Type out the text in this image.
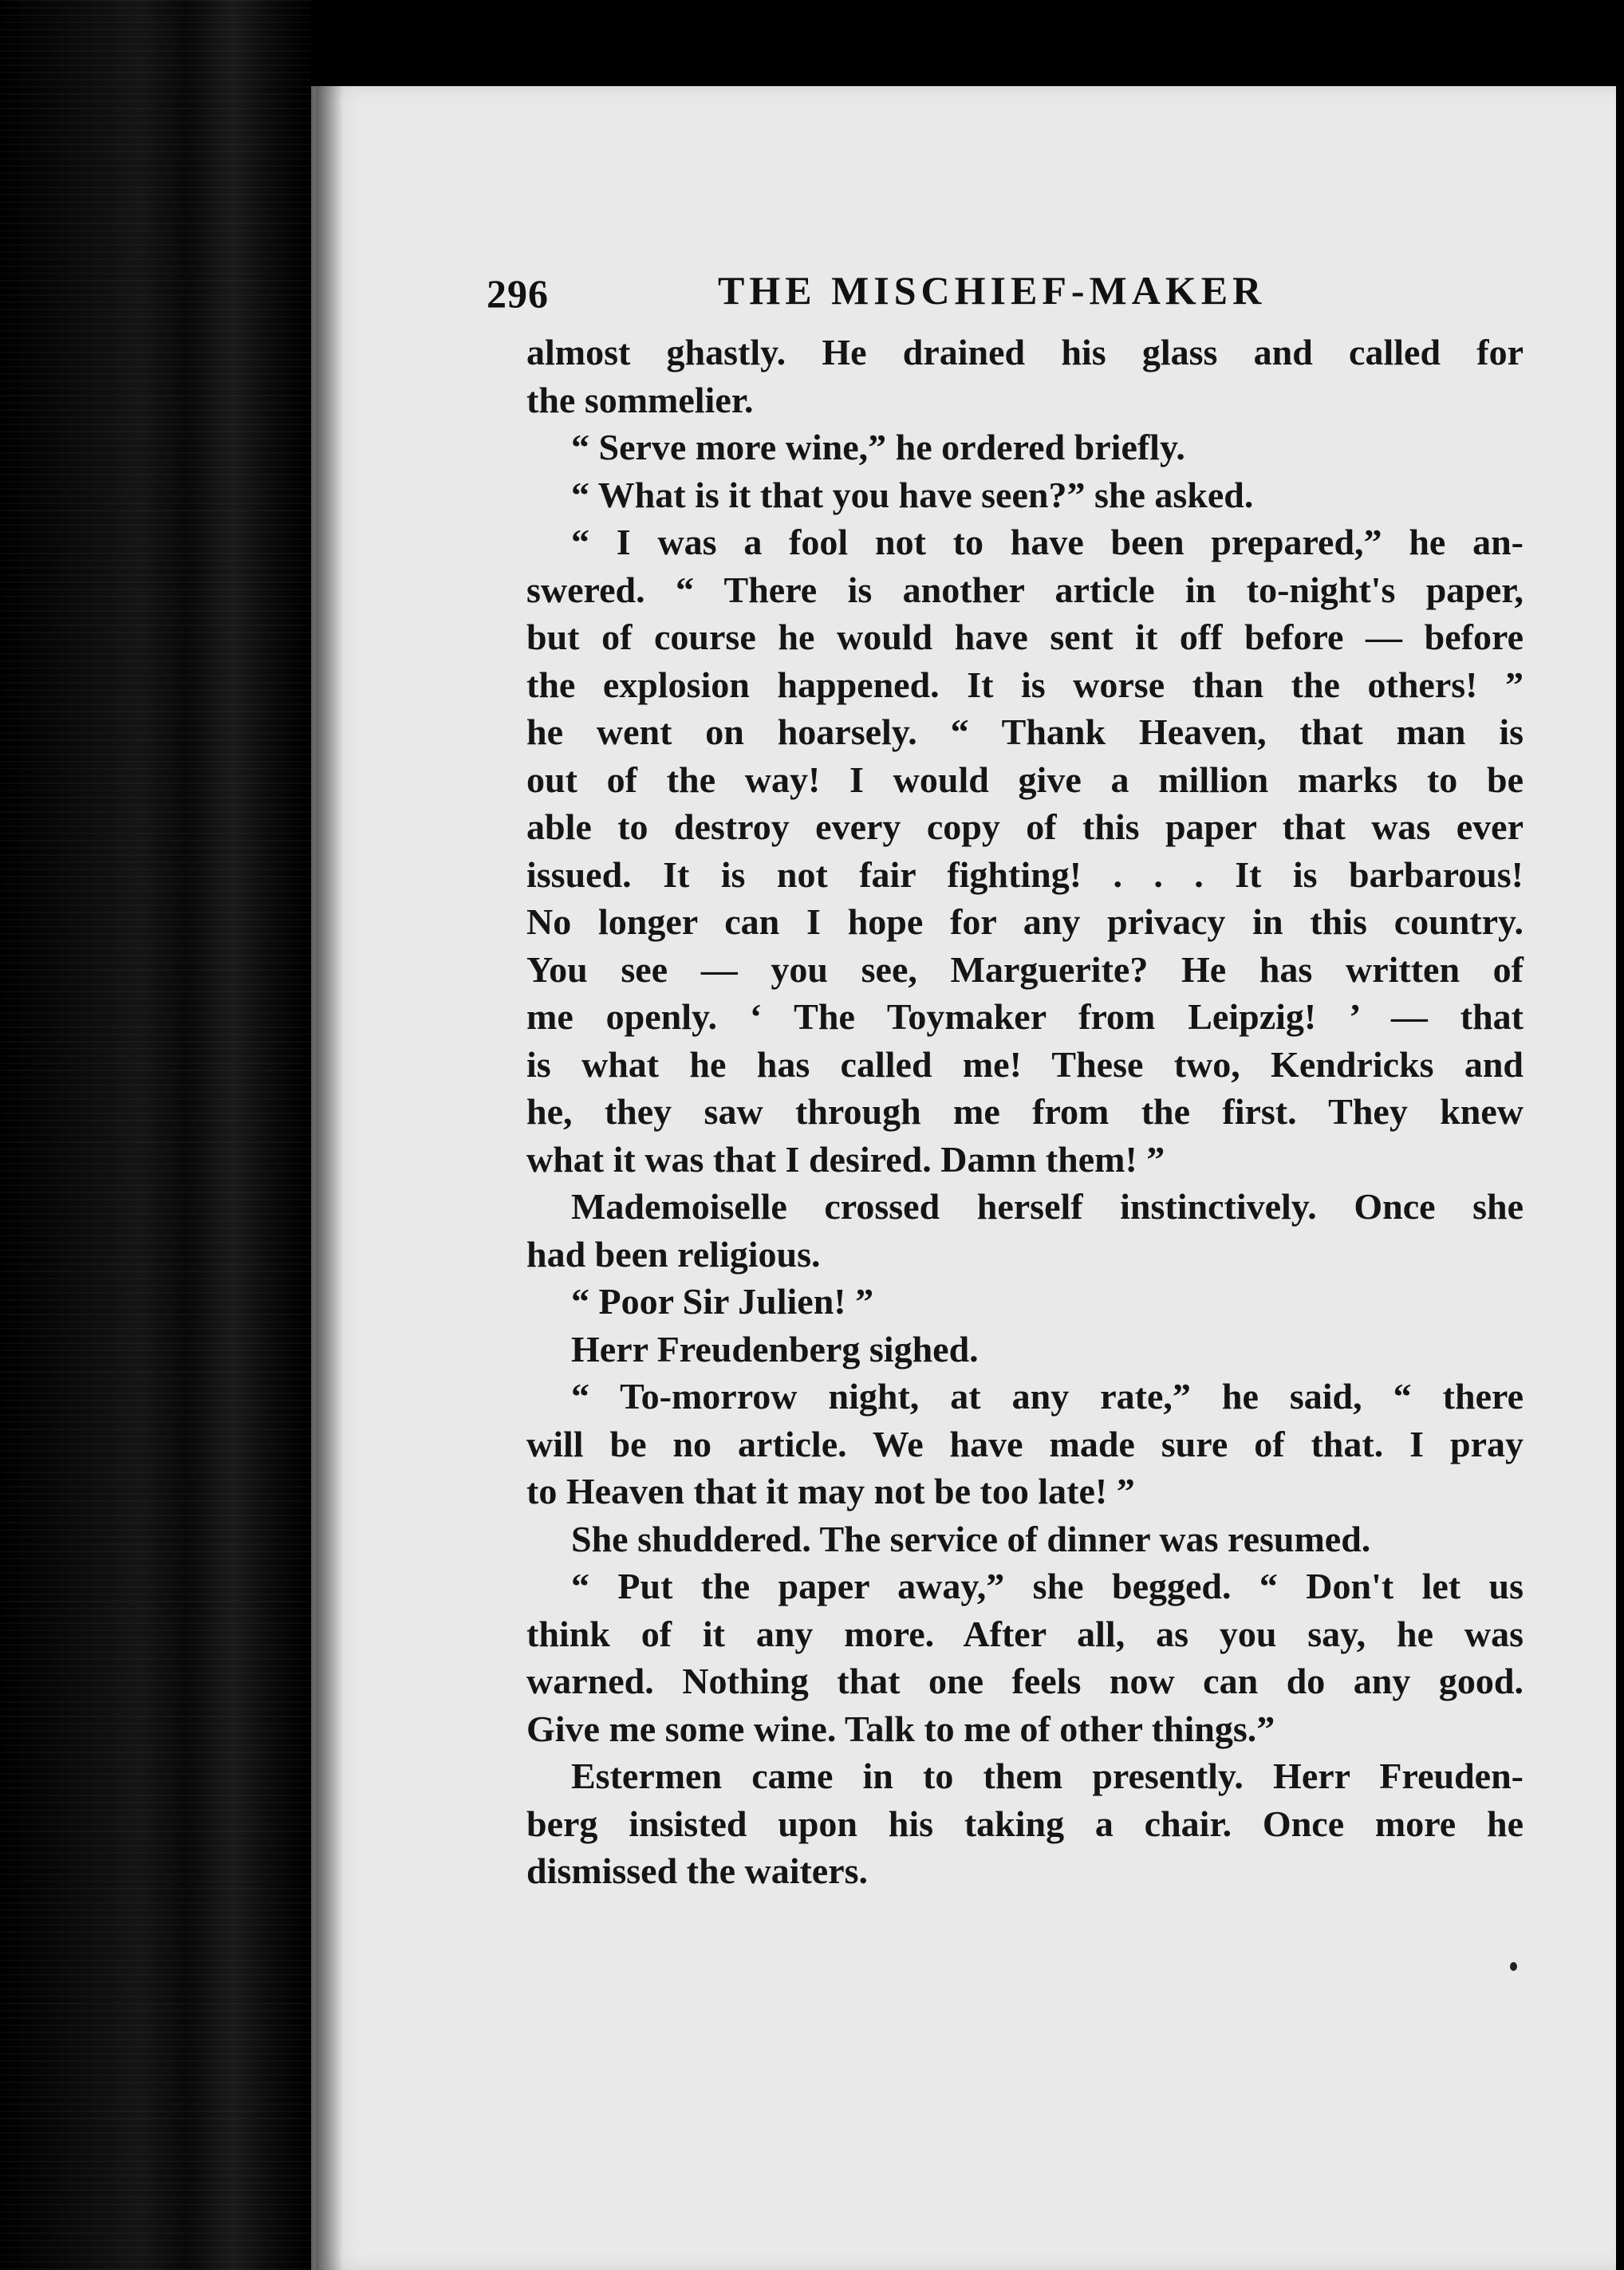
296	THE MISCHIEF-MAKER
almost ghastly. He drained his glass and called for
the sommelier.
“ Serve more wine,” he ordered briefly.
“ What is it that you have seen?” she asked.
“ I was a fool not to have been prepared,” he an-
swered. “ There is another article in to-night's paper,
but of course he would have sent it off before — before
the explosion happened. It is worse than the others! ”
he went on hoarsely. “ Thank Heaven, that man is
out of the way! I would give a million marks to be
able to destroy every copy of this paper that was ever
issued. It is not fair fighting! . . . It is barbarous!
No longer can I hope for any privacy in this country.
You see — you see, Marguerite? He has written of
me openly. ‘ The Toymaker from Leipzig! ’ — that
is what he has called me! These two, Kendricks and
he, they saw through me from the first. They knew
what it was that I desired. Damn them! ”
Mademoiselle crossed herself instinctively. Once she
had been religious.
“ Poor Sir Julien! ”
Herr Freudenberg sighed.
“ To-morrow night, at any rate,” he said, “ there
will be no article. We have made sure of that. I pray
to Heaven that it may not be too late! ”
She shuddered. The service of dinner was resumed.
“ Put the paper away,” she begged. “ Don't let us
think of it any more. After all, as you say, he was
warned. Nothing that one feels now can do any good.
Give me some wine. Talk to me of other things.”
Estermen came in to them presently. Herr Freuden-
berg insisted upon his taking a chair. Once more he
dismissed the waiters.
